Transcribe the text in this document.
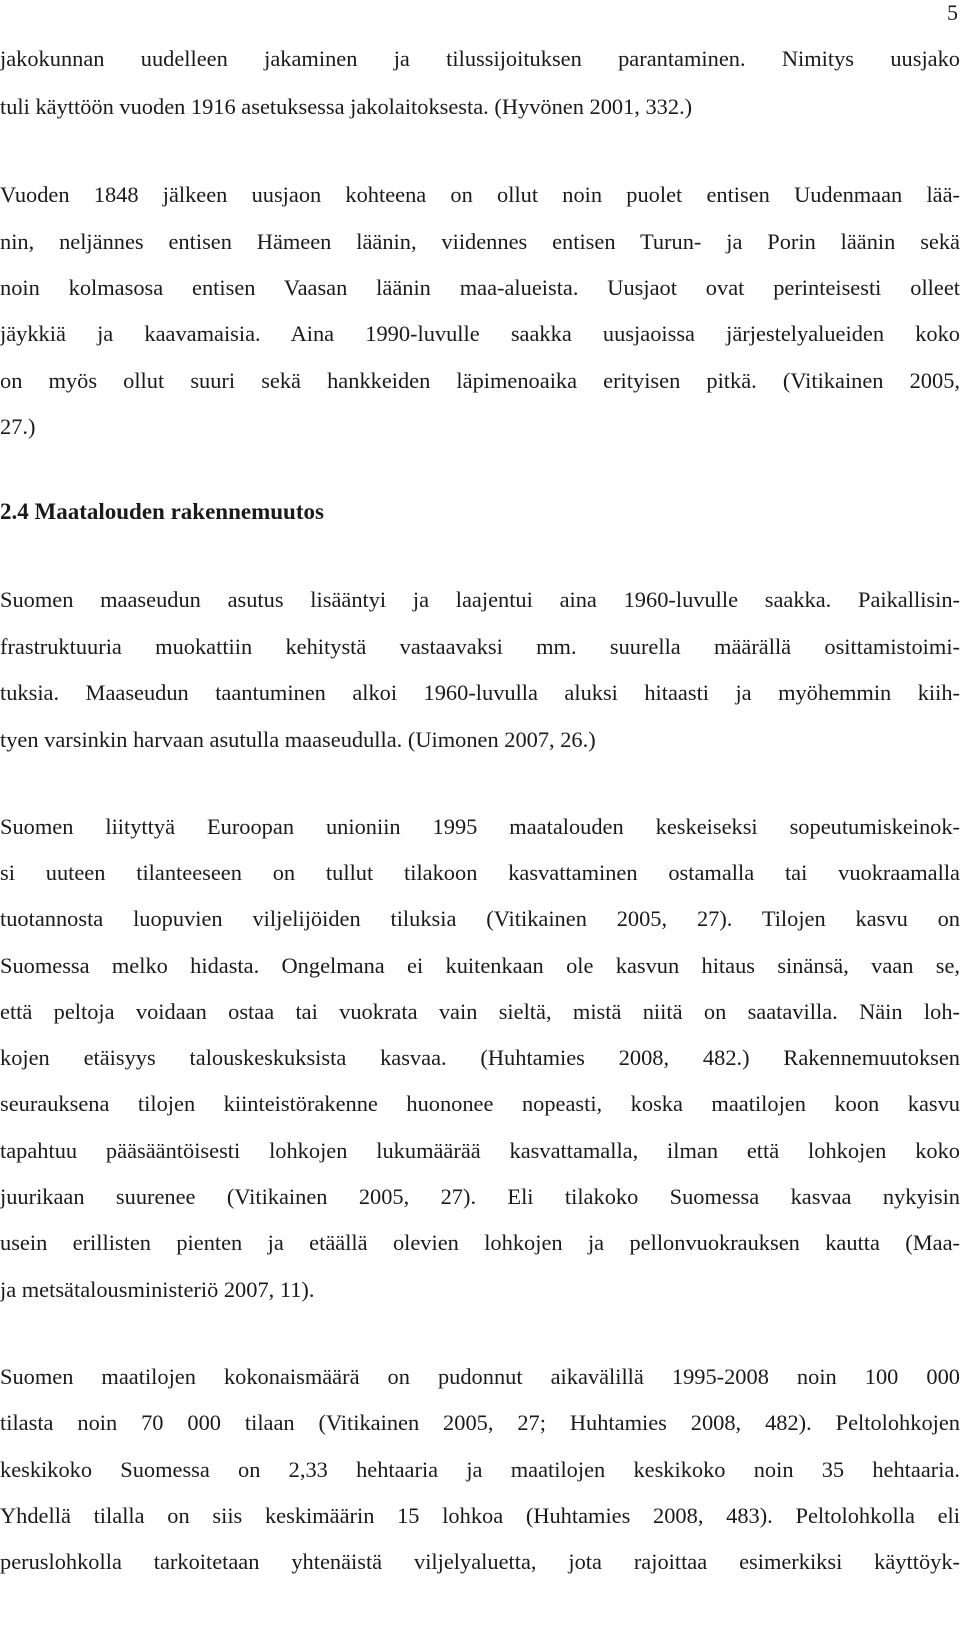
5
jakokunnan uudelleen jakaminen ja tilussijoituksen parantaminen. Nimitys uusjako
tuli käyttöön vuoden 1916 asetuksessa jakolaitoksesta. (Hyvönen 2001, 332.)
Vuoden 1848 jälkeen uusjaon kohteena on ollut noin puolet entisen Uudenmaan lää-
nin, neljännes entisen Hämeen läänin, viidennes entisen Turun- ja Porin läänin sekä
noin kolmasosa entisen Vaasan läänin maa-alueista. Uusjaot ovat perinteisesti olleet
jäykkiä ja kaavamaisia. Aina 1990-luvulle saakka uusjaoissa järjestelyalueiden koko
on myös ollut suuri sekä hankkeiden läpimenoaika erityisen pitkä. (Vitikainen 2005,
27.)
2.4 Maatalouden rakennemuutos
Suomen maaseudun asutus lisääntyi ja laajentui aina 1960-luvulle saakka. Paikallisin-
frastruktuuria muokattiin kehitystä vastaavaksi mm. suurella määrällä osittamistoimi-
tuksia. Maaseudun taantuminen alkoi 1960-luvulla aluksi hitaasti ja myöhemmin kiih-
tyen varsinkin harvaan asutulla maaseudulla. (Uimonen 2007, 26.)
Suomen liityttyä Euroopan unioniin 1995 maatalouden keskeiseksi sopeutumiskeinok-
si uuteen tilanteeseen on tullut tilakoon kasvattaminen ostamalla tai vuokraamalla
tuotannosta luopuvien viljelijöiden tiluksia (Vitikainen 2005, 27). Tilojen kasvu on
Suomessa melko hidasta. Ongelmana ei kuitenkaan ole kasvun hitaus sinänsä, vaan se,
että peltoja voidaan ostaa tai vuokrata vain sieltä, mistä niitä on saatavilla. Näin loh-
kojen etäisyys talouskeskuksista kasvaa. (Huhtamies 2008, 482.) Rakennemuutoksen
seurauksena tilojen kiinteistörakenne huononee nopeasti, koska maatilojen koon kasvu
tapahtuu pääsääntöisesti lohkojen lukumäärää kasvattamalla, ilman että lohkojen koko
juurikaan suurenee (Vitikainen 2005, 27). Eli tilakoko Suomessa kasvaa nykyisin
usein erillisten pienten ja etäällä olevien lohkojen ja pellonvuokrauksen kautta (Maa-
ja metsätalousministeriö 2007, 11).
Suomen maatilojen kokonaismäärä on pudonnut aikavälillä 1995-2008 noin 100 000
tilasta noin 70 000 tilaan (Vitikainen 2005, 27; Huhtamies 2008, 482). Peltolohkojen
keskikoko Suomessa on 2,33 hehtaaria ja maatilojen keskikoko noin 35 hehtaaria.
Yhdellä tilalla on siis keskimäärin 15 lohkoa (Huhtamies 2008, 483). Peltolohkolla eli
peruslohkolla tarkoitetaan yhtenäistä viljelyaluetta, jota rajoittaa esimerkiksi käyttöyk-
